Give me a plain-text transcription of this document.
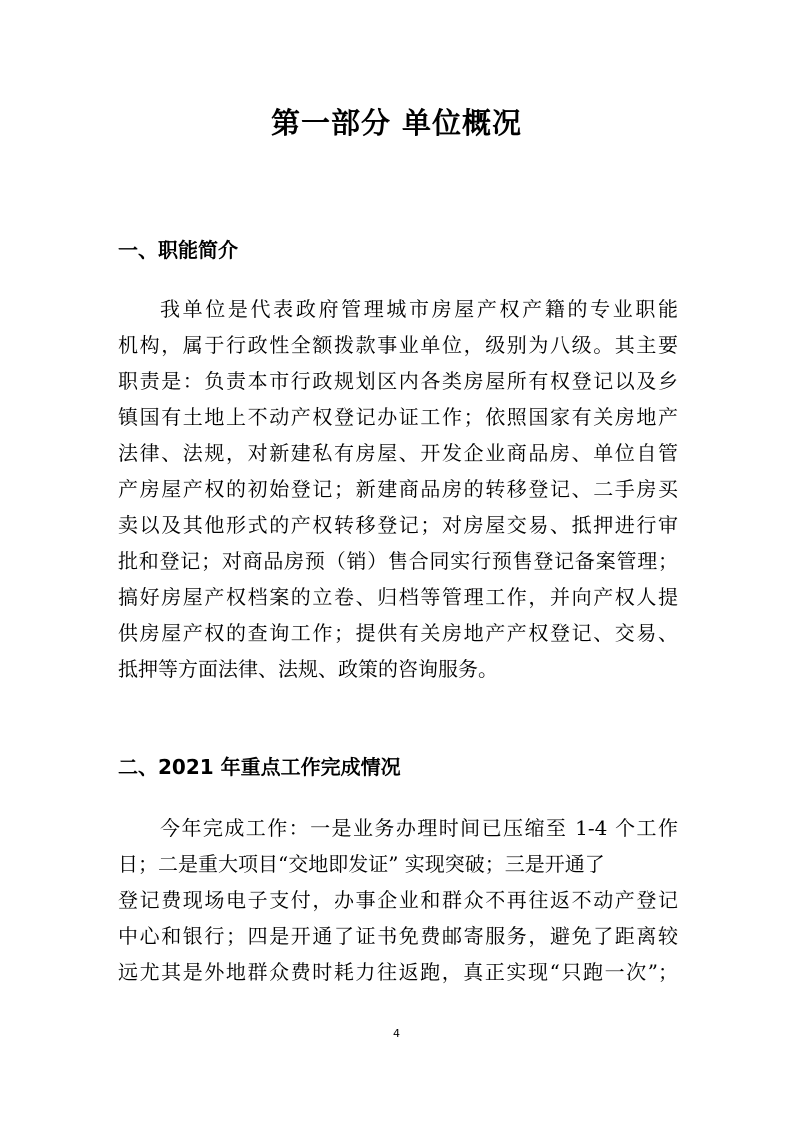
第一部分 单位概况
一、职能简介
我单位是代表政府管理城市房屋产权产籍的专业职能
机构，属于行政性全额拨款事业单位，级别为八级。其主要
职责是：负责本市行政规划区内各类房屋所有权登记以及乡
镇国有土地上不动产权登记办证工作；依照国家有关房地产
法律、法规，对新建私有房屋、开发企业商品房、单位自管
产房屋产权的初始登记；新建商品房的转移登记、二手房买
卖以及其他形式的产权转移登记；对房屋交易、抵押进行审
批和登记；对商品房预（销）售合同实行预售登记备案管理；
搞好房屋产权档案的立卷、归档等管理工作，并向产权人提
供房屋产权的查询工作；提供有关房地产产权登记、交易、
抵押等方面法律、法规、政策的咨询服务。
二、2021 年重点工作完成情况
今年完成工作：一是业务办理时间已压缩至 1-4 个工作
日；二是重大项目“交地即发证” 实现突破；三是开通了
登记费现场电子支付，办事企业和群众不再往返不动产登记
中心和银行；四是开通了证书免费邮寄服务，避免了距离较
远尤其是外地群众费时耗力往返跑，真正实现“只跑一次”；
4
